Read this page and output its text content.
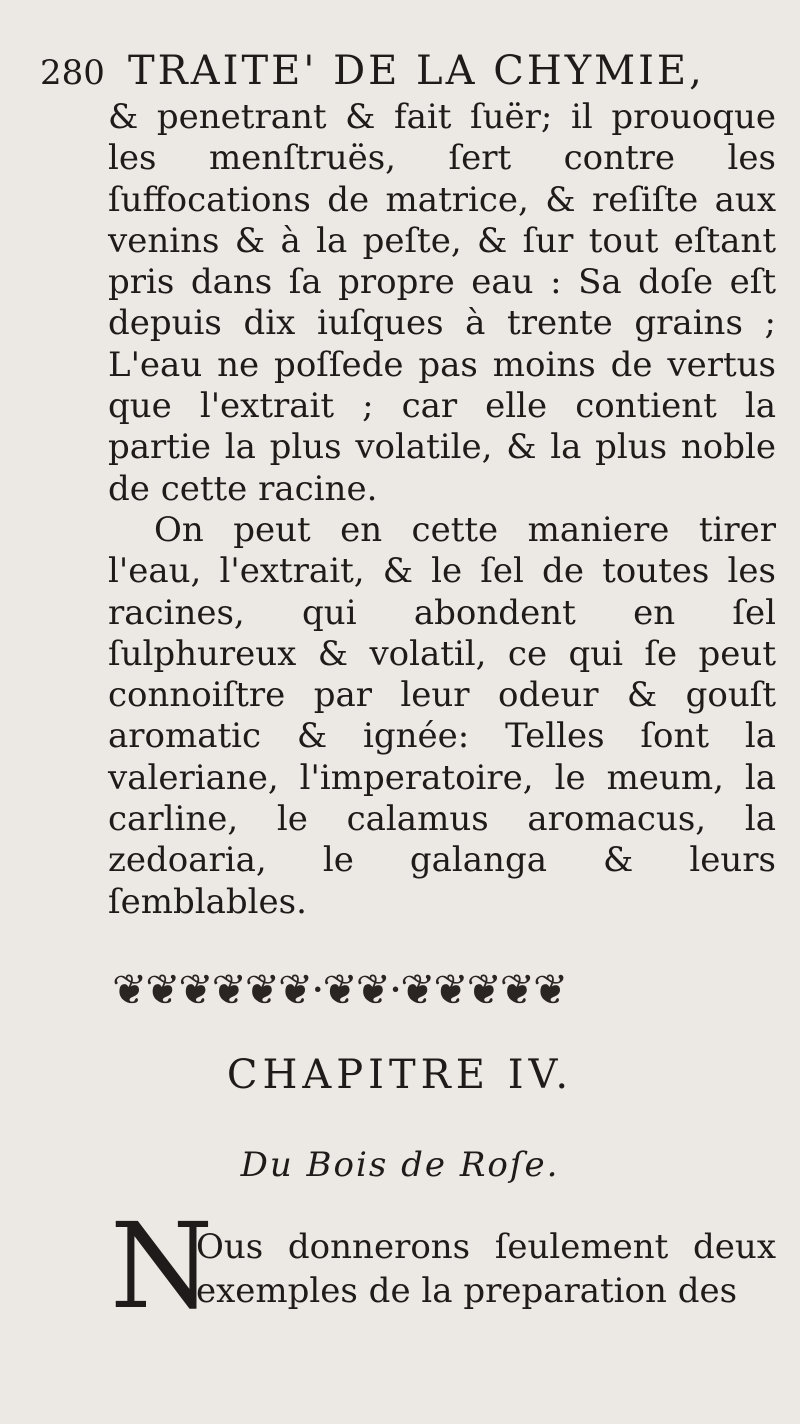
280 TRAITE' DE LA CHYMIE,

& penetrant & fait ſuër; il prouoque les menſtruës, ſert contre les ſuffocations de matrice, & reſiſte aux venins & à la peſte, & ſur tout eſtant pris dans ſa propre eau : Sa doſe eſt depuis dix iuſques à trente grains ; L'eau ne poſſede pas moins de vertus que l'extrait ; car elle contient la partie la plus volatile, & la plus noble de cette racine.

On peut en cette maniere tirer l'eau, l'extrait, & le ſel de toutes les racines, qui abondent en ſel ſulphureux & volatil, ce qui ſe peut connoiſtre par leur odeur & gouſt aromatic & ignée: Telles ſont la valeriane, l'imperatoire, le meum, la carline, le calamus aromacus, la zedoaria, le galanga & leurs ſemblables.

❦❦❦❦❦❦·❦❦·❦❦❦❦❦
CHAPITRE IV.
Du Bois de Roſe.
N

Ous donnerons ſeulement deux exemples de la preparation des
